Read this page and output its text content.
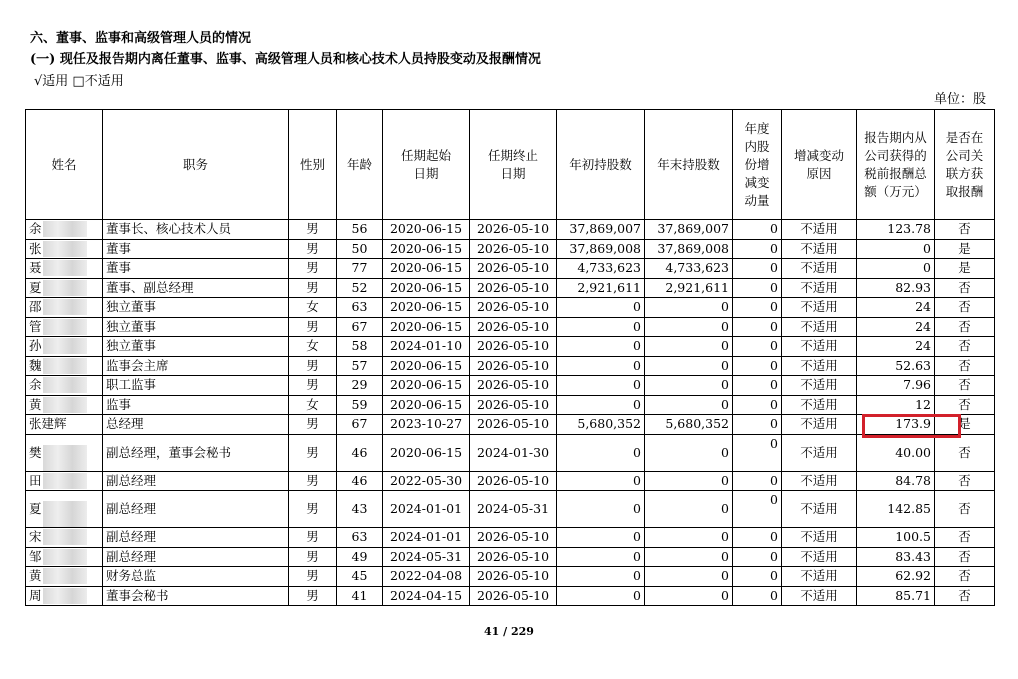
六、董事、监事和高级管理人员的情况
(一) 现任及报告期内离任董事、监事、高级管理人员和核心技术人员持股变动及报酬情况
√适用 □不适用
单位：股
姓名	职务	性别	年龄	任期起始日期	任期终止日期	年初持股数	年末持股数	年度内股份增减变动量	增减变动原因	报告期内从公司获得的税前报酬总额（万元）	是否在公司关联方获取报酬
余	董事长、核心技术人员	男	56	2020-06-15	2026-05-10	37,869,007	37,869,007	0	不适用	123.78	否
张	董事	男	50	2020-06-15	2026-05-10	37,869,008	37,869,008	0	不适用	0	是
聂	董事	男	77	2020-06-15	2026-05-10	4,733,623	4,733,623	0	不适用	0	是
夏	董事、副总经理	男	52	2020-06-15	2026-05-10	2,921,611	2,921,611	0	不适用	82.93	否
邵	独立董事	女	63	2020-06-15	2026-05-10	0	0	0	不适用	24	否
管	独立董事	男	67	2020-06-15	2026-05-10	0	0	0	不适用	24	否
孙	独立董事	女	58	2024-01-10	2026-05-10	0	0	0	不适用	24	否
魏	监事会主席	男	57	2020-06-15	2026-05-10	0	0	0	不适用	52.63	否
余	职工监事	男	29	2020-06-15	2026-05-10	0	0	0	不适用	7.96	否
黄	监事	女	59	2020-06-15	2026-05-10	0	0	0	不适用	12	否
张建辉	总经理	男	67	2023-10-27	2026-05-10	5,680,352	5,680,352	0	不适用	173.9	是
樊	副总经理，董事会秘书	男	46	2020-06-15	2024-01-30	0	0	0	不适用	40.00	否
田	副总经理	男	46	2022-05-30	2026-05-10	0	0	0	不适用	84.78	否
夏	副总经理	男	43	2024-01-01	2024-05-31	0	0	0	不适用	142.85	否
宋	副总经理	男	63	2024-01-01	2026-05-10	0	0	0	不适用	100.5	否
邹	副总经理	男	49	2024-05-31	2026-05-10	0	0	0	不适用	83.43	否
黄	财务总监	男	45	2022-04-08	2026-05-10	0	0	0	不适用	62.92	否
周	董事会秘书	男	41	2024-04-15	2026-05-10	0	0	0	不适用	85.71	否
41 / 229
